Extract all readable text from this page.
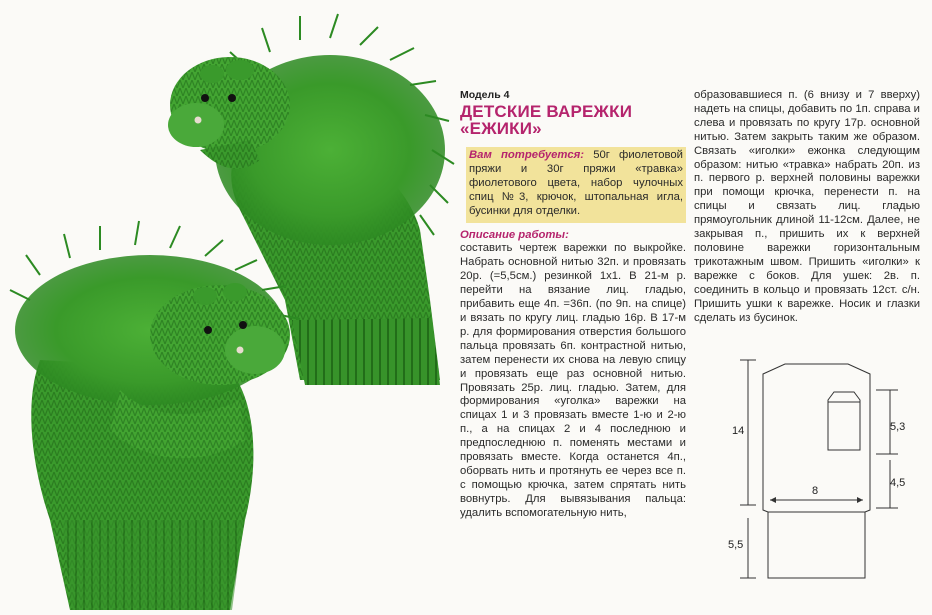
Модель 4
ДЕТСКИЕ ВАРЕЖКИ
«ЕЖИКИ»
Вам потребуется: 50г фиолетовой пряжи и 30г пряжи «травка» фиолетового цвета, набор чулочных спиц №3, крючок, штопальная игла, бусинки для отделки.
Описание работы:
составить чертеж варежки по выкройке. Набрать основной нитью 32п. и провязать 20р. (=5,5см.) резинкой 1х1. В 21-м р. перейти на вязание лиц. гладью, прибавить еще 4п. =36п. (по 9п. на спице) и вязать по кругу лиц. гладью 16р. В 17-м р. для формирования отверстия большого пальца провязать 6п. контрастной нитью, затем перенести их снова на левую спицу и провязать еще раз основной нитью. Провязать 25р. лиц. гладью. Затем, для формирования «уголка» варежки на спицах 1 и 3 провязать вместе 1-ю и 2-ю п., а на спицах 2 и 4 последнюю и предпоследнюю п. поменять местами и провязать вместе. Когда останется 4п., оборвать нить и протянуть ее через все п. с помощью крючка, затем спрятать нить вовнутрь. Для вывязывания пальца: удалить вспомогательную нить,
образовавшиеся п. (6 внизу и 7 вверху) надеть на спицы, добавить по 1п. справа и слева и провязать по кругу 17р. основной нитью. Затем закрыть таким же образом. Связать «иголки» ежонка следующим образом: нитью «травка» набрать 20п. из п. первого р. верхней половины варежки при помощи крючка, перенести п. на спицы и связать лиц. гладью прямоугольник длиной 11-12см. Далее, не закрывая п., пришить их к верхней половине варежки горизонтальным трикотажным швом. Пришить «иголки» к варежке с боков. Для ушек: 2в. п. соединить в кольцо и провязать 12ст. с/н. Пришить ушки к варежке. Носик и глазки сделать из бусинок.
14	5,3
4,5
8
5,5
